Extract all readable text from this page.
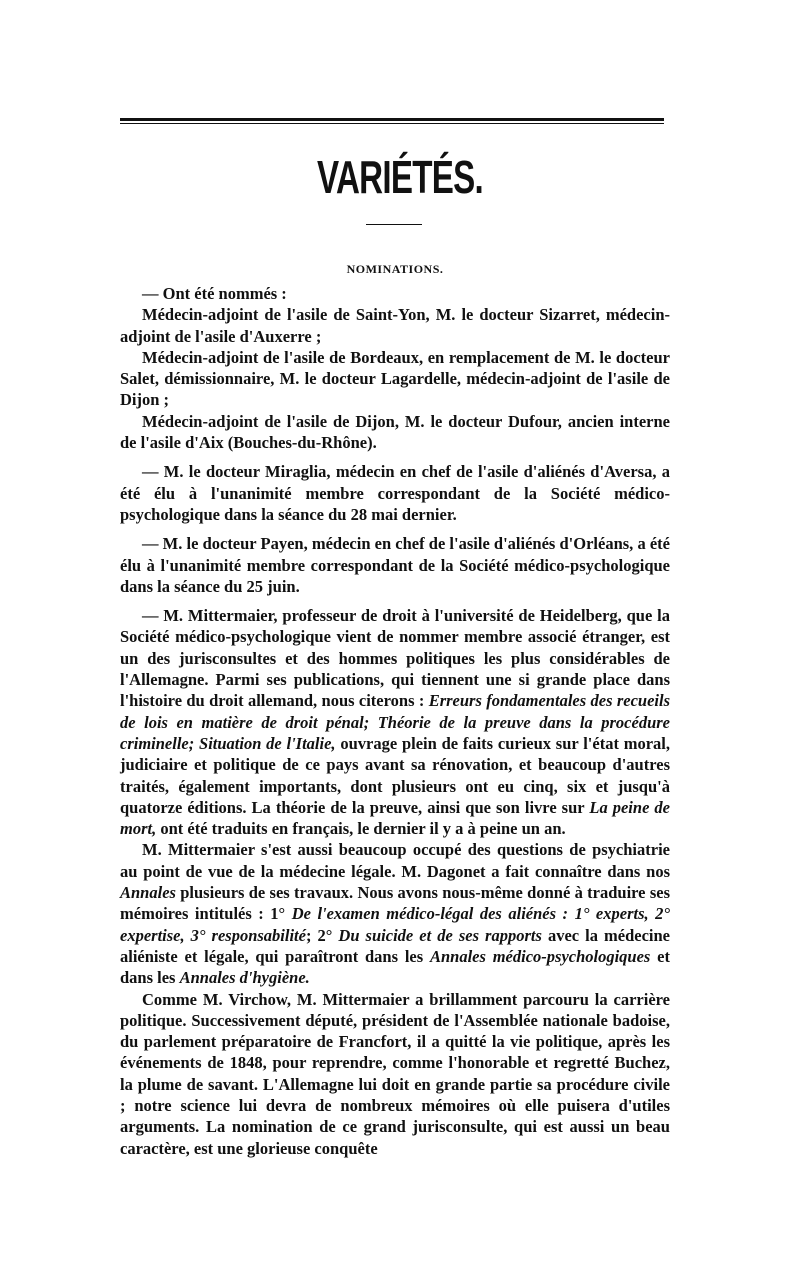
VARIÉTÉS.
NOMINATIONS.

— Ont été nommés :

Médecin-adjoint de l'asile de Saint-Yon, M. le docteur Sizarret, médecin-adjoint de l'asile d'Auxerre ;

Médecin-adjoint de l'asile de Bordeaux, en remplacement de M. le docteur Salet, démissionnaire, M. le docteur Lagardelle, médecin-adjoint de l'asile de Dijon ;

Médecin-adjoint de l'asile de Dijon, M. le docteur Dufour, ancien interne de l'asile d'Aix (Bouches-du-Rhône).

— M. le docteur Miraglia, médecin en chef de l'asile d'aliénés d'Aversa, a été élu à l'unanimité membre correspondant de la Société médico-psychologique dans la séance du 28 mai dernier.

— M. le docteur Payen, médecin en chef de l'asile d'aliénés d'Orléans, a été élu à l'unanimité membre correspondant de la Société médico-psychologique dans la séance du 25 juin.

— M. Mittermaier, professeur de droit à l'université de Heidelberg, que la Société médico-psychologique vient de nommer membre associé étranger, est un des jurisconsultes et des hommes politiques les plus considérables de l'Allemagne. Parmi ses publications, qui tiennent une si grande place dans l'histoire du droit allemand, nous citerons : Erreurs fondamentales des recueils de lois en matière de droit pénal; Théorie de la preuve dans la procédure criminelle; Situation de l'Italie, ouvrage plein de faits curieux sur l'état moral, judiciaire et politique de ce pays avant sa rénovation, et beaucoup d'autres traités, également importants, dont plusieurs ont eu cinq, six et jusqu'à quatorze éditions. La théorie de la preuve, ainsi que son livre sur La peine de mort, ont été traduits en français, le dernier il y a à peine un an.

M. Mittermaier s'est aussi beaucoup occupé des questions de psychiatrie au point de vue de la médecine légale. M. Dagonet a fait connaître dans nos Annales plusieurs de ses travaux. Nous avons nous-même donné à traduire ses mémoires intitulés : 1° De l'examen médico-légal des aliénés : 1° experts, 2° expertise, 3° responsabilité; 2° Du suicide et de ses rapports avec la médecine aliéniste et légale, qui paraîtront dans les Annales médico-psychologiques et dans les Annales d'hygiène.

Comme M. Virchow, M. Mittermaier a brillamment parcouru la carrière politique. Successivement député, président de l'Assemblée nationale badoise, du parlement préparatoire de Francfort, il a quitté la vie politique, après les événements de 1848, pour reprendre, comme l'honorable et regretté Buchez, la plume de savant. L'Allemagne lui doit en grande partie sa procédure civile ; notre science lui devra de nombreux mémoires où elle puisera d'utiles arguments. La nomination de ce grand jurisconsulte, qui est aussi un beau caractère, est une glorieuse conquête
